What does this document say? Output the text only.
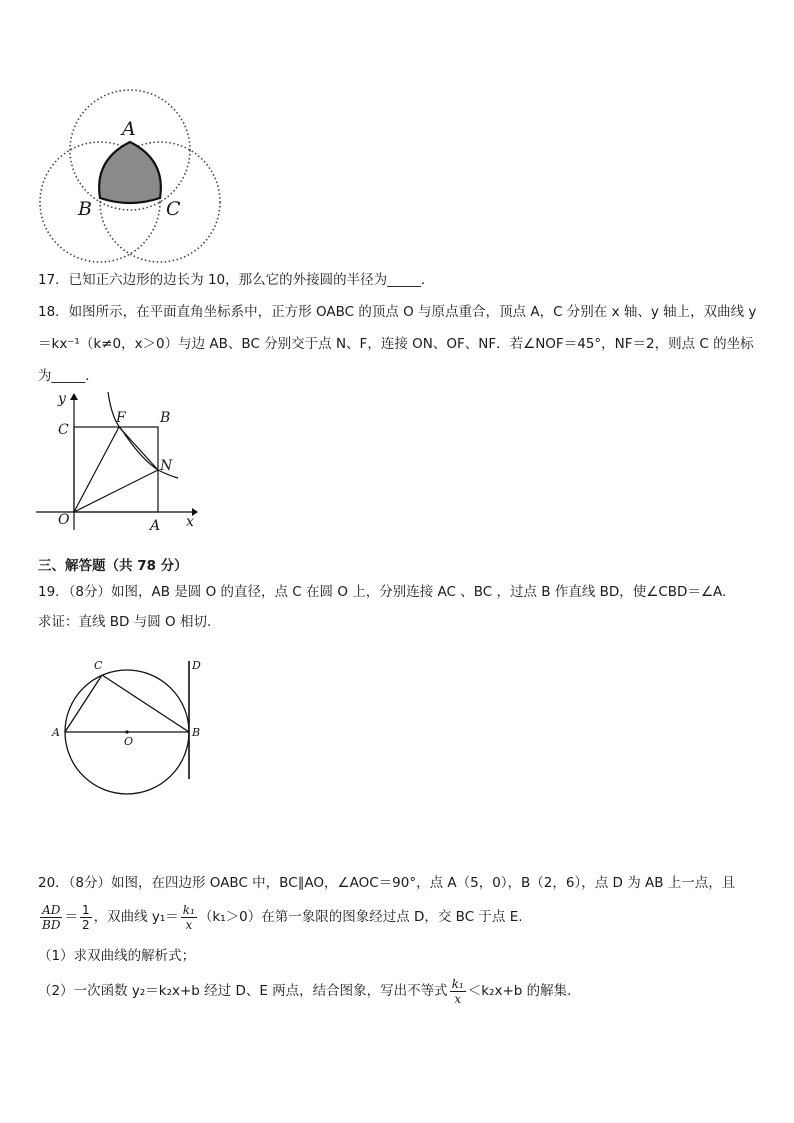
A
B	C
17．已知正六边形的边长为 10，那么它的外接圆的半径为_____．
18．如图所示，在平面直角坐标系中，正方形 OABC 的顶点 O 与原点重合，顶点 A，C 分别在 x 轴、y 轴上，双曲线 y
＝kx⁻¹（k≠0，x＞0）与边 AB、BC 分别交于点 N、F，连接 ON、OF、NF．若∠NOF＝45°，NF＝2，则点 C 的坐标
为_____．
y
x
C
F B
N
O	A
三、解答题（共 78 分）
19．（8分）如图，AB 是圆 O 的直径，点 C 在圆 O 上，分别连接 AC 、BC ，过点 B 作直线 BD，使∠CBD＝∠A.
求证：直线 BD 与圆 O 相切.
C	D
A
O
B
20．（8分）如图，在四边形 OABC 中，BC∥AO，∠AOC＝90°，点 A（5，0），B（2，6），点 D 为 AB 上一点，且
$\frac{AD}{BD} = \frac{1}{2}$ ，双曲线 $y_1= \frac{\text{k₁}}{x} (k_1>0)$在第一象限的图象经过点 D，交 BC 于点 E.
（1）求双曲线的解析式；
（2）一次函数 y₂＝k₂x+b 经过 D、E 两点，结合图象，写出不等式 $\frac{\text{k₁}}{x} <k_2x+b$ 的解集.
